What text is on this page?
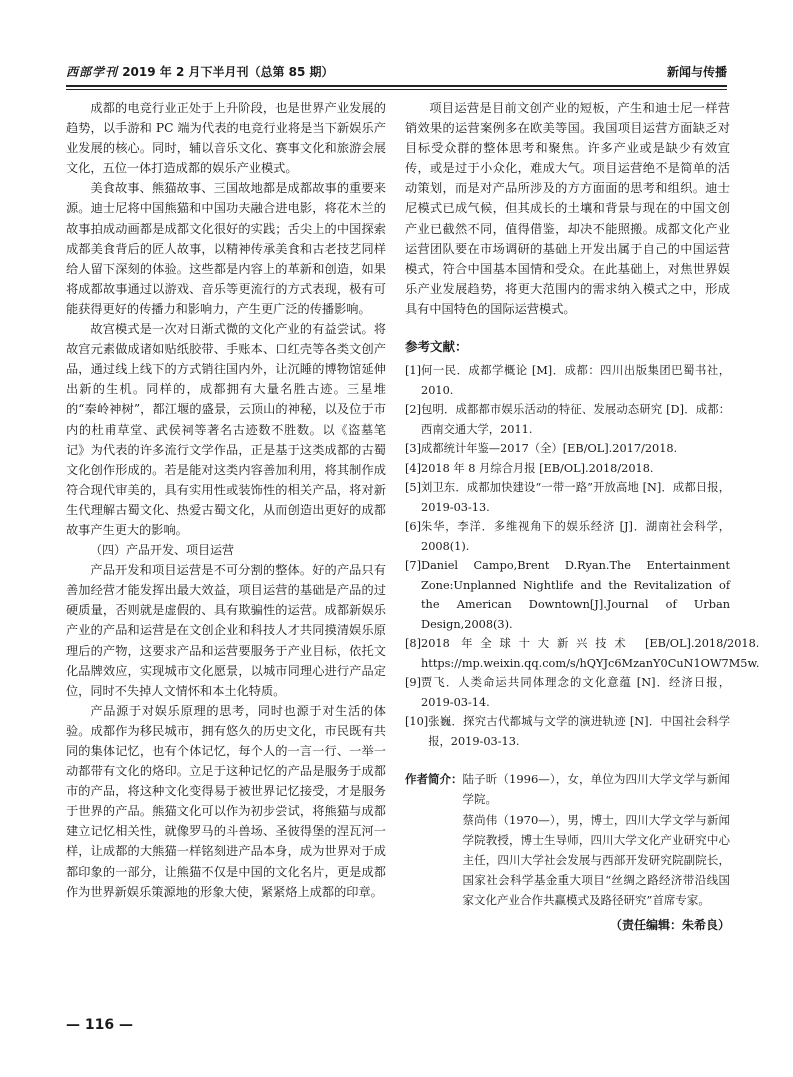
西部学刊 2019 年 2 月下半月刊（总第 85 期）	新闻与传播

成都的电竞行业正处于上升阶段，也是世界产业发展的趋势，以手游和 PC 端为代表的电竞行业将是当下新娱乐产业发展的核心。同时，辅以音乐文化、赛事文化和旅游会展文化，五位一体打造成都的娱乐产业模式。

美食故事、熊猫故事、三国故地都是成都故事的重要来源。迪士尼将中国熊猫和中国功夫融合进电影，将花木兰的故事拍成动画都是成都文化很好的实践；舌尖上的中国探索成都美食背后的匠人故事，以精神传承美食和古老技艺同样给人留下深刻的体验。这些都是内容上的革新和创造，如果将成都故事通过以游戏、音乐等更流行的方式表现，极有可能获得更好的传播力和影响力，产生更广泛的传播影响。

故宫模式是一次对日渐式微的文化产业的有益尝试。将故宫元素做成诸如贴纸胶带、手账本、口红壳等各类文创产品，通过线上线下的方式销往国内外，让沉睡的博物馆延伸出新的生机。同样的，成都拥有大量名胜古迹。三星堆的“秦岭神树”，都江堰的盛景，云顶山的神秘，以及位于市内的杜甫草堂、武侯祠等著名古迹数不胜数。以《盗墓笔记》为代表的许多流行文学作品，正是基于这类成都的古蜀文化创作形成的。若是能对这类内容善加利用，将其制作成符合现代审美的，具有实用性或装饰性的相关产品，将对新生代理解古蜀文化、热爱古蜀文化，从而创造出更好的成都故事产生更大的影响。

（四）产品开发、项目运营

产品开发和项目运营是不可分割的整体。好的产品只有善加经营才能发挥出最大效益，项目运营的基础是产品的过硬质量，否则就是虚假的、具有欺骗性的运营。成都新娱乐产业的产品和运营是在文创企业和科技人才共同摸清娱乐原理后的产物，这要求产品和运营要服务于产业目标，依托文化品牌效应，实现城市文化愿景，以城市同理心进行产品定位，同时不失掉人文情怀和本土化特质。

产品源于对娱乐原理的思考，同时也源于对生活的体验。成都作为移民城市，拥有悠久的历史文化，市民既有共同的集体记忆，也有个体记忆，每个人的一言一行、一举一动都带有文化的烙印。立足于这种记忆的产品是服务于成都市的产品，将这种文化变得易于被世界记忆接受，才是服务于世界的产品。熊猫文化可以作为初步尝试，将熊猫与成都建立记忆相关性，就像罗马的斗兽场、圣彼得堡的涅瓦河一样，让成都的大熊猫一样铭刻进产品本身，成为世界对于成都印象的一部分，让熊猫不仅是中国的文化名片，更是成都作为世界新娱乐策源地的形象大使，紧紧烙上成都的印章。

项目运营是目前文创产业的短板，产生和迪士尼一样营销效果的运营案例多在欧美等国。我国项目运营方面缺乏对目标受众群的整体思考和聚焦。许多产业或是缺少有效宣传，或是过于小众化，难成大气。项目运营绝不是简单的活动策划，而是对产品所涉及的方方面面的思考和组织。迪士尼模式已成气候，但其成长的土壤和背景与现在的中国文创产业已截然不同，值得借鉴，却决不能照搬。成都文化产业运营团队要在市场调研的基础上开发出属于自己的中国运营模式，符合中国基本国情和受众。在此基础上，对焦世界娱乐产业发展趋势，将更大范围内的需求纳入模式之中，形成具有中国特色的国际运营模式。

参考文献：
[1] 何一民．成都学概论 [M]．成都：四川出版集团巴蜀书社，2010.
[2] 包明．成都都市娱乐活动的特征、发展动态研究 [D]．成都：西南交通大学，2011.
[3] 成都统计年鉴—2017（全）[EB/OL].2017/2018.
[4] 2018 年 8 月综合月报 [EB/OL].2018/2018.
[5] 刘卫东．成都加快建设“一带一路”开放高地 [N]．成都日报，2019-03-13.
[6] 朱华，李洋．多维视角下的娱乐经济 [J]．湖南社会科学，2008(1).
[7] Daniel Campo,Brent D.Ryan.The Entertainment Zone:Unplanned Nightlife and the Revitalization of the American Downtown[J].Journal of Urban Design,2008(3).
[8] 2018 年全球十大新兴技术 [EB/OL].2018/2018. https://mp.weixin.qq.com/s/hQYJc6MzanY0CuN1OW7M5w.
[9] 贾飞．人类命运共同体理念的文化意蕴 [N]．经济日报，2019-03-14.
[10] 张巍．探究古代都城与文学的演进轨迹 [N]．中国社会科学报，2019-03-13.
作者简介： 陆子昕（1996—），女，单位为四川大学文学与新闻学院。
蔡尚伟（1970—），男，博士，四川大学文学与新闻学院教授，博士生导师，四川大学文化产业研究中心主任，四川大学社会发展与西部开发研究院副院长，国家社会科学基金重大项目“丝绸之路经济带沿线国家文化产业合作共赢模式及路径研究”首席专家。
（责任编辑：朱希良）
— 116 —
